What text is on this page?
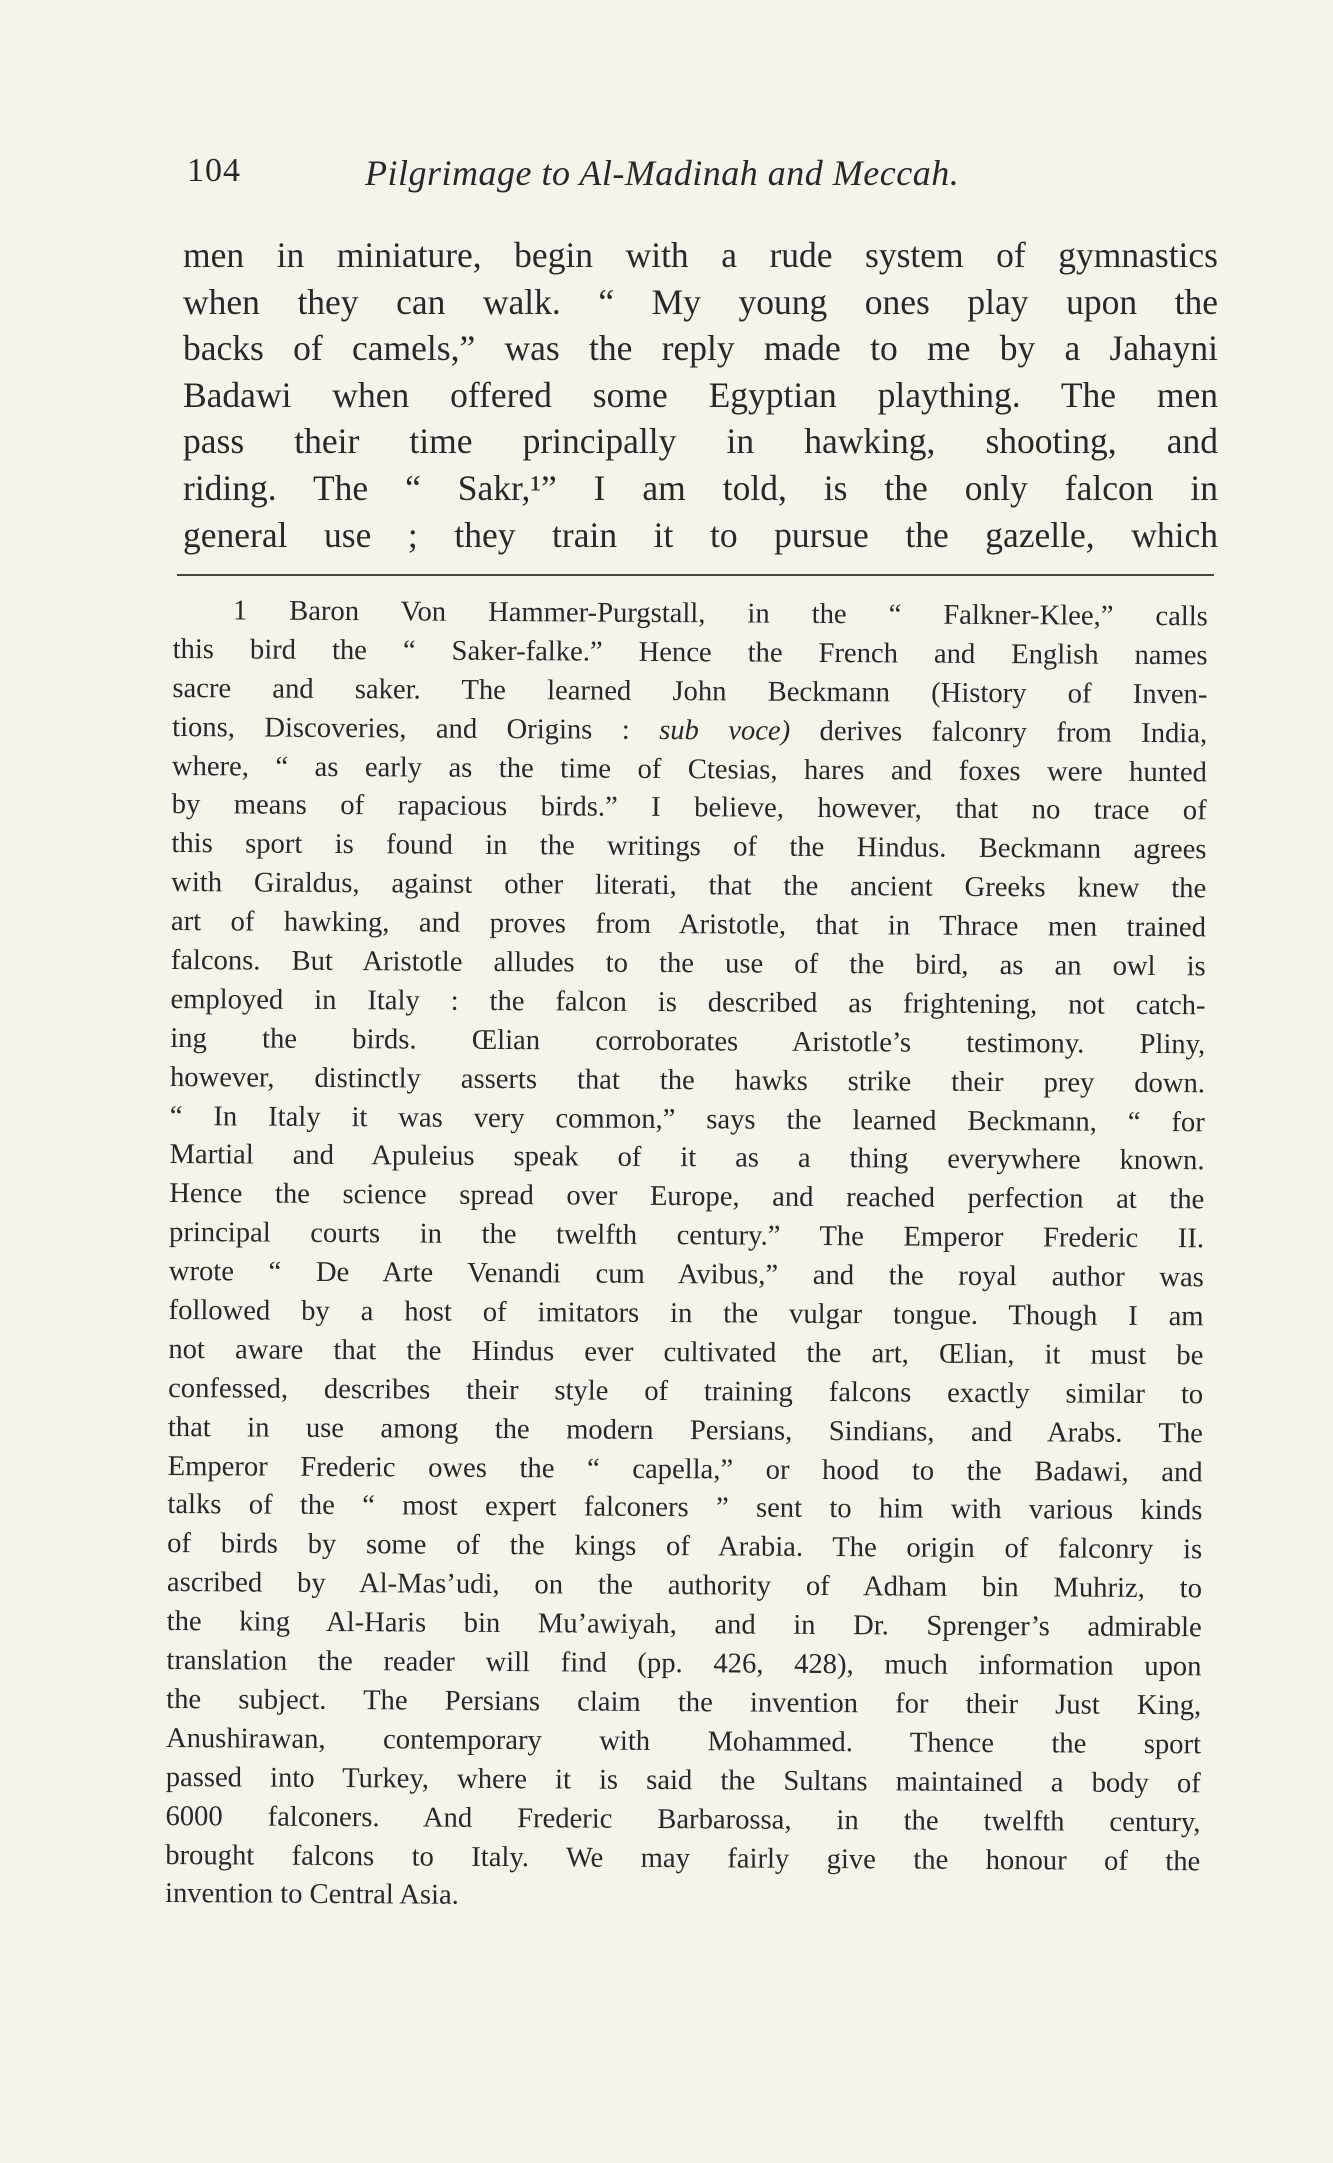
104	Pilgrimage to Al-Madinah and Meccah.
men in miniature, begin with a rude system of gymnastics
when they can walk. “ My young ones play upon the
backs of camels,” was the reply made to me by a Jahayni
Badawi when offered some Egyptian plaything. The men
pass their time principally in hawking, shooting, and
riding. The “ Sakr,¹” I am told, is the only falcon in
general use ; they train it to pursue the gazelle, which
1 Baron Von Hammer-Purgstall, in the “ Falkner-Klee,” calls
this bird the “ Saker-falke.” Hence the French and English names
sacre and saker. The learned John Beckmann (History of Inven-
tions, Discoveries, and Origins : sub voce) derives falconry from India,
where, “ as early as the time of Ctesias, hares and foxes were hunted
by means of rapacious birds.” I believe, however, that no trace of
this sport is found in the writings of the Hindus. Beckmann agrees
with Giraldus, against other literati, that the ancient Greeks knew the
art of hawking, and proves from Aristotle, that in Thrace men trained
falcons. But Aristotle alludes to the use of the bird, as an owl is
employed in Italy : the falcon is described as frightening, not catch-
ing the birds. Œlian corroborates Aristotle’s testimony. Pliny,
however, distinctly asserts that the hawks strike their prey down.
“ In Italy it was very common,” says the learned Beckmann, “ for
Martial and Apuleius speak of it as a thing everywhere known.
Hence the science spread over Europe, and reached perfection at the
principal courts in the twelfth century.” The Emperor Frederic II.
wrote “ De Arte Venandi cum Avibus,” and the royal author was
followed by a host of imitators in the vulgar tongue. Though I am
not aware that the Hindus ever cultivated the art, Œlian, it must be
confessed, describes their style of training falcons exactly similar to
that in use among the modern Persians, Sindians, and Arabs. The
Emperor Frederic owes the “ capella,” or hood to the Badawi, and
talks of the “ most expert falconers ” sent to him with various kinds
of birds by some of the kings of Arabia. The origin of falconry is
ascribed by Al-Mas’udi, on the authority of Adham bin Muhriz, to
the king Al-Haris bin Mu’awiyah, and in Dr. Sprenger’s admirable
translation the reader will find (pp. 426, 428), much information upon
the subject. The Persians claim the invention for their Just King,
Anushirawan, contemporary with Mohammed. Thence the sport
passed into Turkey, where it is said the Sultans maintained a body of
6000 falconers. And Frederic Barbarossa, in the twelfth century,
brought falcons to Italy. We may fairly give the honour of the
invention to Central Asia.
